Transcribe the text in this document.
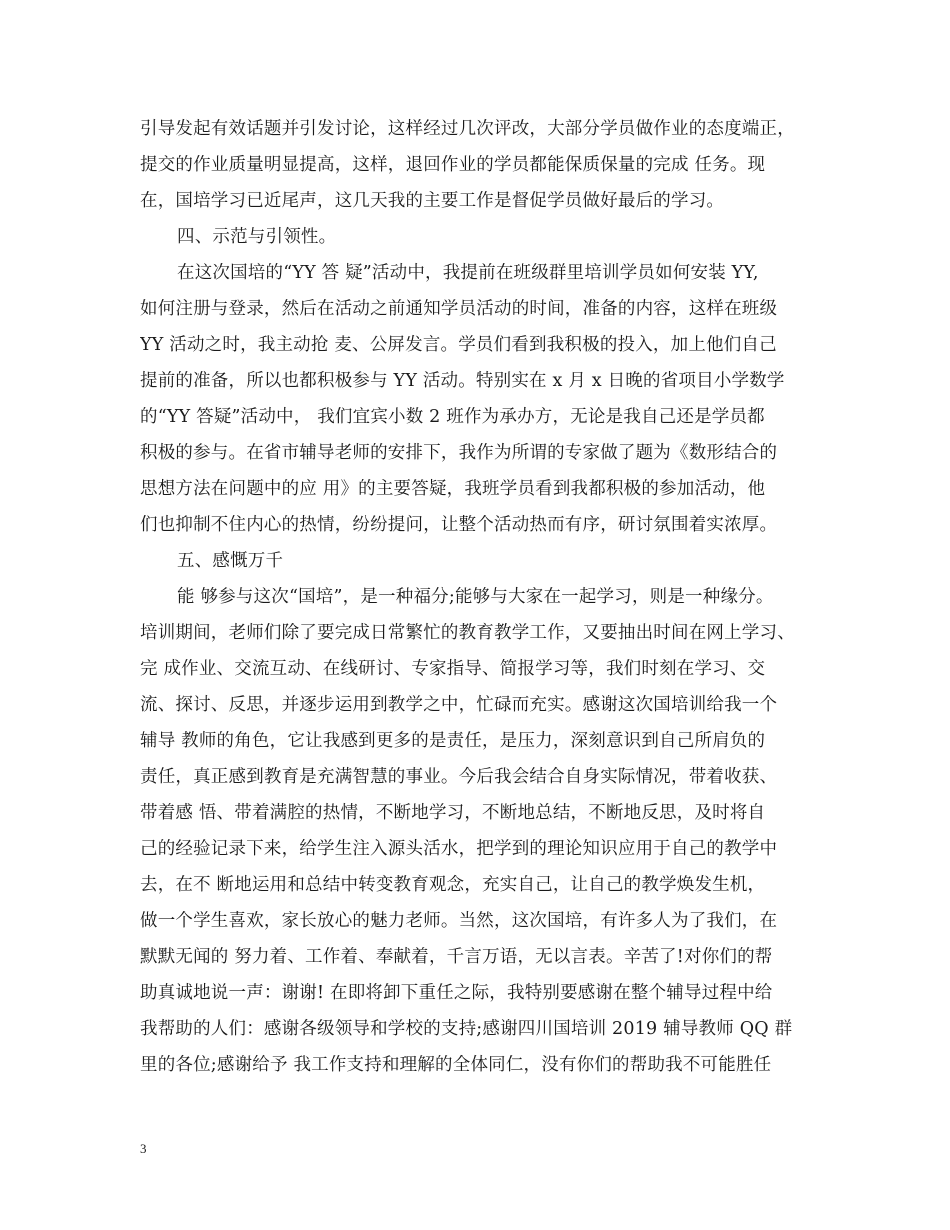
引导发起有效话题并引发讨论，这样经过几次评改，大部分学员做作业的态度端正，
提交的作业质量明显提高，这样，退回作业的学员都能保质保量的完成 任务。现
在，国培学习已近尾声，这几天我的主要工作是督促学员做好最后的学习。
四、示范与引领性。
在这次国培的“YY 答 疑”活动中，我提前在班级群里培训学员如何安装 YY,
如何注册与登录，然后在活动之前通知学员活动的时间，准备的内容，这样在班级
YY 活动之时，我主动抢 麦、公屏发言。学员们看到我积极的投入，加上他们自己
提前的准备，所以也都积极参与 YY 活动。特别实在 x 月 x 日晚的省项目小学数学
的“YY 答疑”活动中， 我们宜宾小数 2 班作为承办方，无论是我自己还是学员都
积极的参与。在省市辅导老师的安排下，我作为所谓的专家做了题为《数形结合的
思想方法在问题中的应 用》的主要答疑，我班学员看到我都积极的参加活动，他
们也抑制不住内心的热情，纷纷提问，让整个活动热而有序，研讨氛围着实浓厚。
五、感慨万千
能 够参与这次“国培”，是一种福分;能够与大家在一起学习，则是一种缘分。
培训期间，老师们除了要完成日常繁忙的教育教学工作，又要抽出时间在网上学习、
完 成作业、交流互动、在线研讨、专家指导、简报学习等，我们时刻在学习、交
流、探讨、反思，并逐步运用到教学之中，忙碌而充实。感谢这次国培训给我一个
辅导 教师的角色，它让我感到更多的是责任，是压力，深刻意识到自己所肩负的
责任，真正感到教育是充满智慧的事业。今后我会结合自身实际情况，带着收获、
带着感 悟、带着满腔的热情，不断地学习，不断地总结，不断地反思，及时将自
己的经验记录下来，给学生注入源头活水，把学到的理论知识应用于自己的教学中
去，在不 断地运用和总结中转变教育观念，充实自己，让自己的教学焕发生机，
做一个学生喜欢，家长放心的魅力老师。当然，这次国培，有许多人为了我们，在
默默无闻的 努力着、工作着、奉献着，千言万语，无以言表。辛苦了!对你们的帮
助真诚地说一声：谢谢! 在即将卸下重任之际，我特别要感谢在整个辅导过程中给
我帮助的人们：感谢各级领导和学校的支持;感谢四川国培训 2019 辅导教师 QQ 群
里的各位;感谢给予 我工作支持和理解的全体同仁，没有你们的帮助我不可能胜任
3
